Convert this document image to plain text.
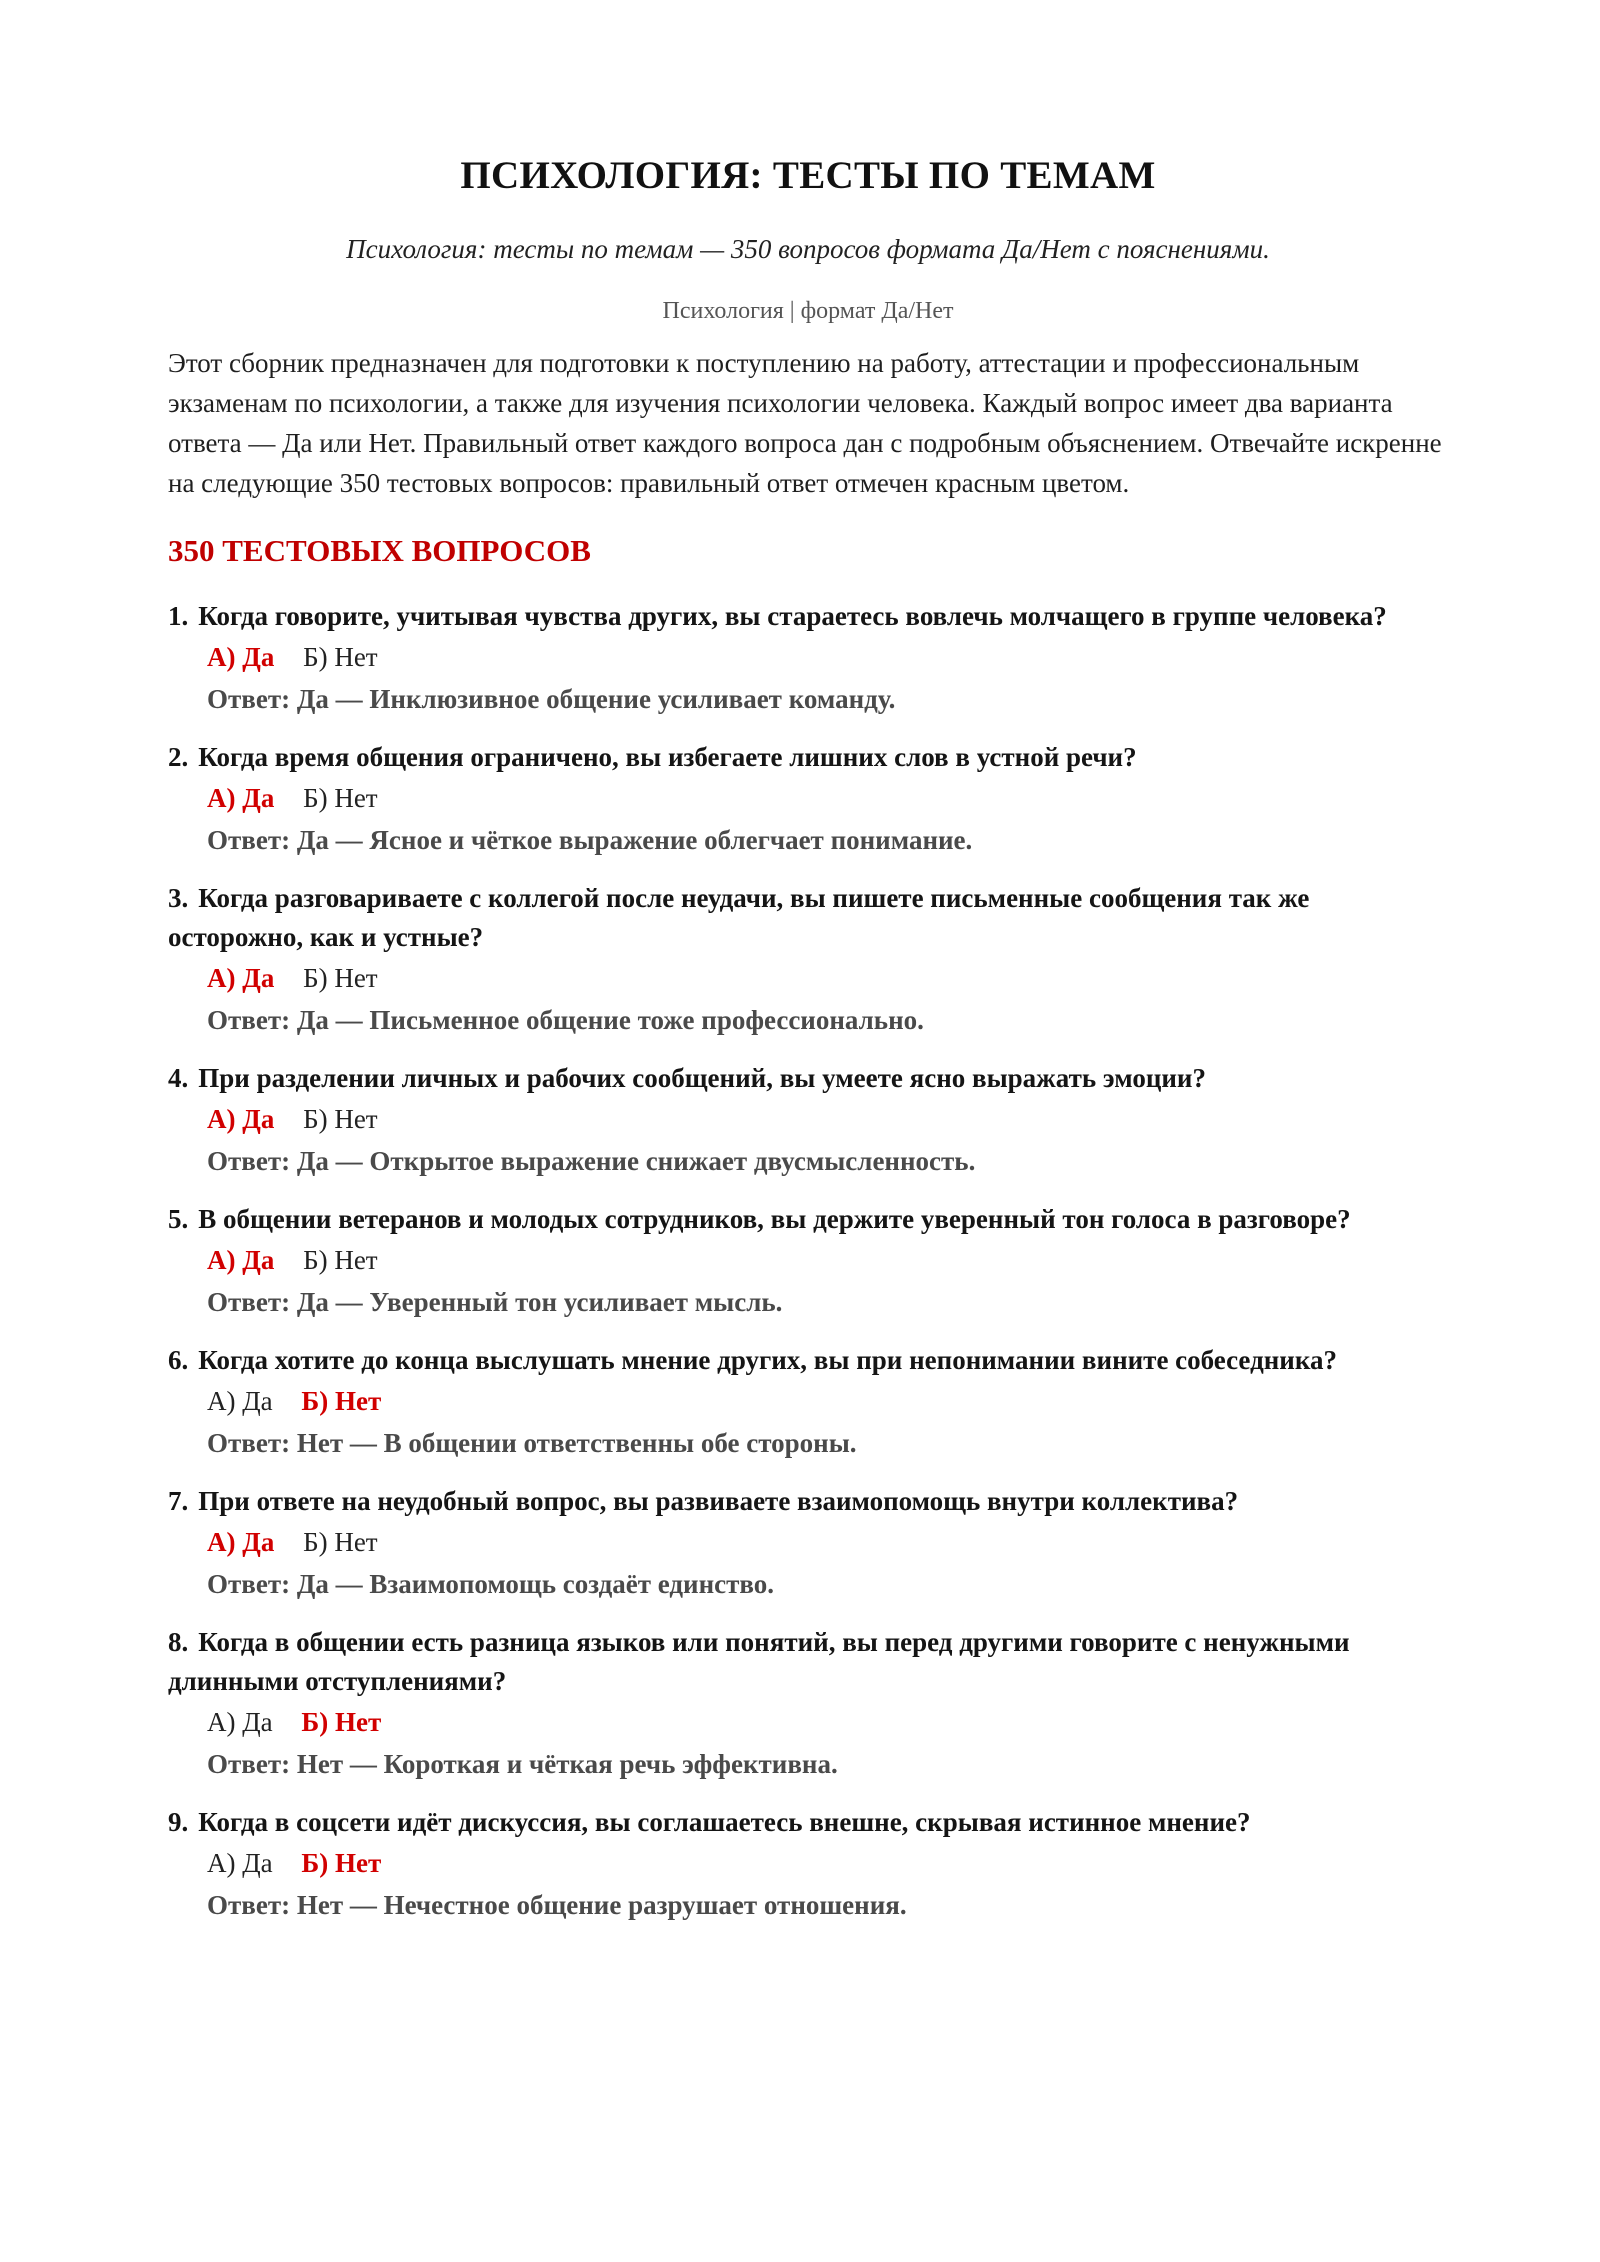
ПСИХОЛОГИЯ: ТЕСТЫ ПО ТЕМАМ
Психология: тесты по темам — 350 вопросов формата Да/Нет с пояснениями.
Психология | формат Да/Нет

Этот сборник предназначен для подготовки к поступлению на работу, аттестации и профессиональным экзаменам по психологии, а также для изучения психологии человека. Каждый вопрос имеет два варианта ответа — Да или Нет. Правильный ответ каждого вопроса дан с подробным объяснением. Отвечайте искренне на следующие 350 тестовых вопросов: правильный ответ отмечен красным цветом.

350 ТЕСТОВЫХ ВОПРОСОВ
1. Когда говорите, учитывая чувства других, вы стараетесь вовлечь молчащего в группе человека?
А) Да Б) Нет
Ответ: Да — Инклюзивное общение усиливает команду.
2. Когда время общения ограничено, вы избегаете лишних слов в устной речи?
А) Да Б) Нет
Ответ: Да — Ясное и чёткое выражение облегчает понимание.
3. Когда разговариваете с коллегой после неудачи, вы пишете письменные сообщения так же осторожно, как и устные?
А) Да Б) Нет
Ответ: Да — Письменное общение тоже профессионально.
4. При разделении личных и рабочих сообщений, вы умеете ясно выражать эмоции?
А) Да Б) Нет
Ответ: Да — Открытое выражение снижает двусмысленность.
5. В общении ветеранов и молодых сотрудников, вы держите уверенный тон голоса в разговоре?
А) Да Б) Нет
Ответ: Да — Уверенный тон усиливает мысль.
6. Когда хотите до конца выслушать мнение других, вы при непонимании вините собеседника?
А) Да Б) Нет
Ответ: Нет — В общении ответственны обе стороны.
7. При ответе на неудобный вопрос, вы развиваете взаимопомощь внутри коллектива?
А) Да Б) Нет
Ответ: Да — Взаимопомощь создаёт единство.
8. Когда в общении есть разница языков или понятий, вы перед другими говорите с ненужными длинными отступлениями?
А) Да Б) Нет
Ответ: Нет — Короткая и чёткая речь эффективна.
9. Когда в соцсети идёт дискуссия, вы соглашаетесь внешне, скрывая истинное мнение?
А) Да Б) Нет
Ответ: Нет — Нечестное общение разрушает отношения.
